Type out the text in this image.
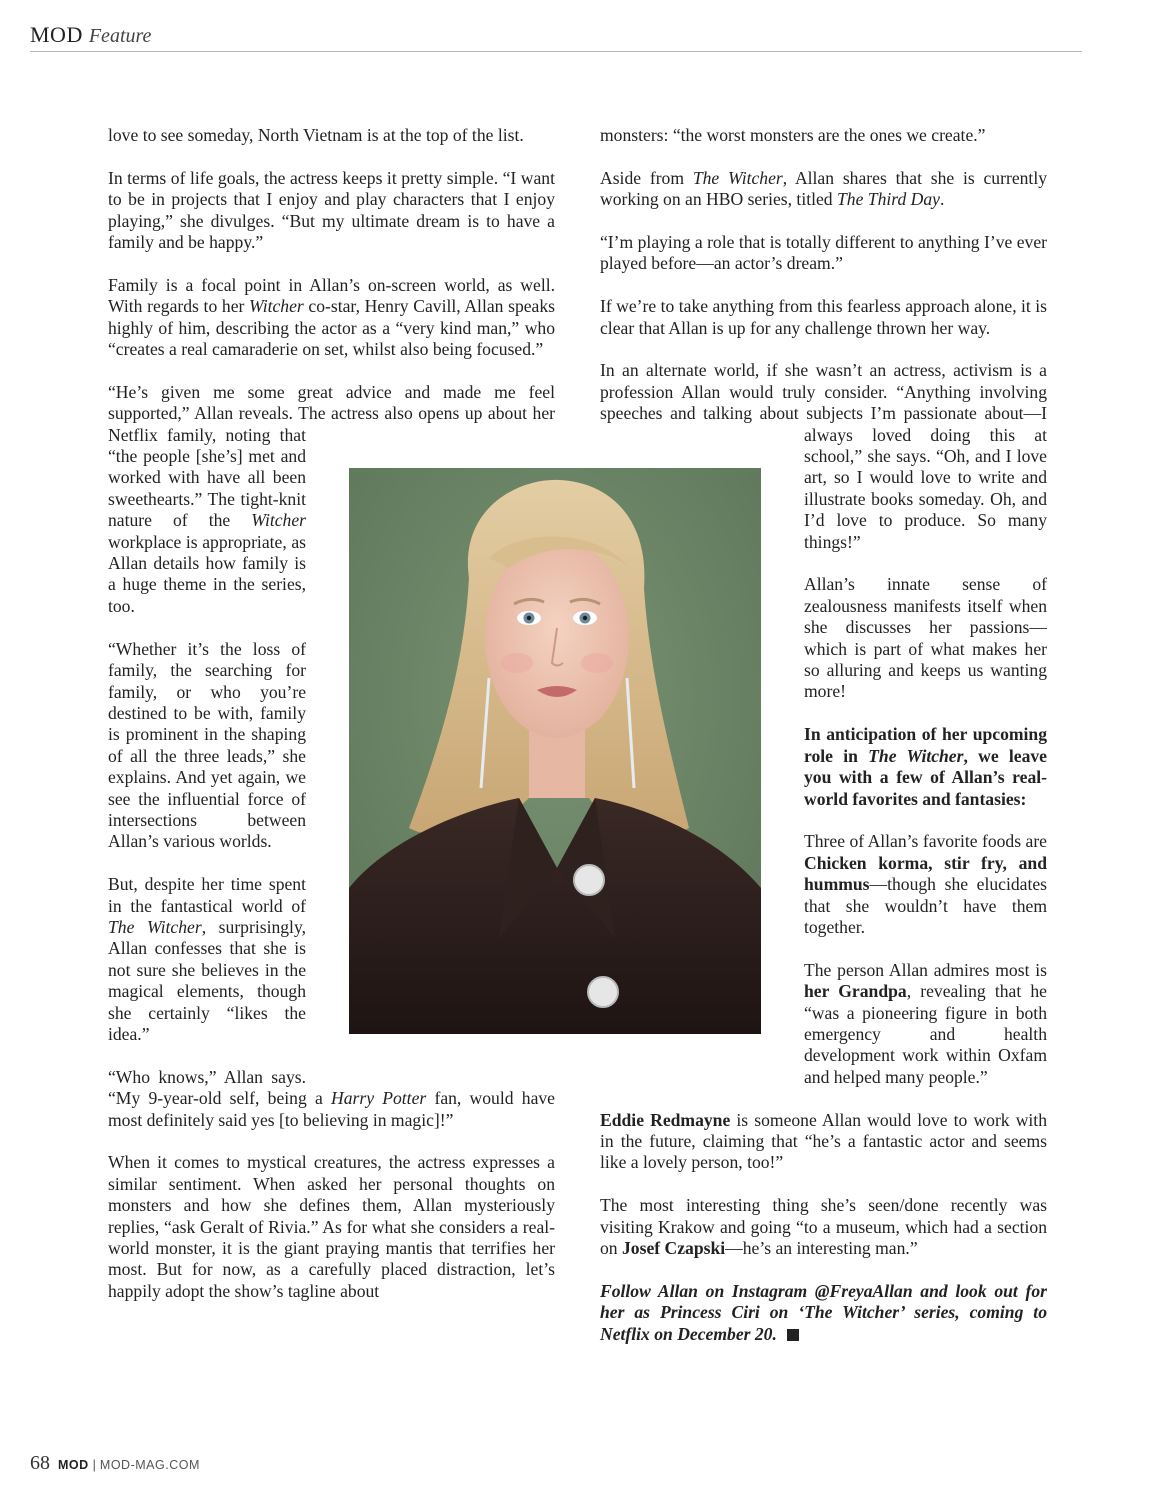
MOD Feature

love to see someday, North Vietnam is at the top of the list.

In terms of life goals, the actress keeps it pretty simple. “I want to be in projects that I enjoy and play characters that I enjoy playing,” she divulges. “But my ultimate dream is to have a family and be happy.”

Family is a focal point in Allan’s on-screen world, as well. With regards to her Witcher co-star, Henry Cavill, Allan speaks highly of him, describing the actor as a “very kind man,” who “creates a real camaraderie on set, whilst also being focused.”

“He’s given me some great advice and made me feel supported,” Allan reveals. The actress also opens up about her Netflix family, noting that “the people [she’s] met and worked with have all been sweethearts.” The tight-knit nature of the Witcher workplace is appropriate, as Allan details how family is a huge theme in the series, too.

“Whether it’s the loss of family, the searching for family, or who you’re destined to be with, family is prominent in the shaping of all the three leads,” she explains. And yet again, we see the influential force of intersections between Allan’s various worlds.

But, despite her time spent in the fantastical world of The Witcher, surprisingly, Allan confesses that she is not sure she believes in the magical elements, though she certainly “likes the idea.”

“Who knows,” Allan says. “My 9-year-old self, being a Harry Potter fan, would have most definitely said yes [to believing in magic]!”

When it comes to mystical creatures, the actress expresses a similar sentiment. When asked her personal thoughts on monsters and how she defines them, Allan mysteriously replies, “ask Geralt of Rivia.” As for what she considers a real-world monster, it is the giant praying mantis that terrifies her most. But for now, as a carefully placed distraction, let’s happily adopt the show’s tagline about

monsters: “the worst monsters are the ones we create.”

Aside from The Witcher, Allan shares that she is currently working on an HBO series, titled The Third Day.

“I’m playing a role that is totally different to anything I’ve ever played before—an actor’s dream.”

If we’re to take anything from this fearless approach alone, it is clear that Allan is up for any challenge thrown her way.

In an alternate world, if she wasn’t an actress, activism is a profession Allan would truly consider. “Anything involving speeches and talking about subjects I’m passionate about—I always loved doing this at school,” she says. “Oh, and I love art, so I would love to write and illustrate books someday. Oh, and I’d love to produce. So many things!”

Allan’s innate sense of zealousness manifests itself when she discusses her passions—which is part of what makes her so alluring and keeps us wanting more!

In anticipation of her upcoming role in The Witcher, we leave you with a few of Allan’s real-world favorites and fantasies:

Three of Allan’s favorite foods are Chicken korma, stir fry, and hummus—though she elucidates that she wouldn’t have them together.

The person Allan admires most is her Grandpa, revealing that he “was a pioneering figure in both emergency and health development work within Oxfam and helped many people.”

Eddie Redmayne is someone Allan would love to work with in the future, claiming that “he’s a fantastic actor and seems like a lovely person, too!”

The most interesting thing she’s seen/done recently was visiting Krakow and going “to a museum, which had a section on Josef Czapski—he’s an interesting man.”

Follow Allan on Instagram @FreyaAllan and look out for her as Princess Ciri on ‘The Witcher’ series, coming to Netflix on December 20.

68 MOD | MOD-MAG.COM
